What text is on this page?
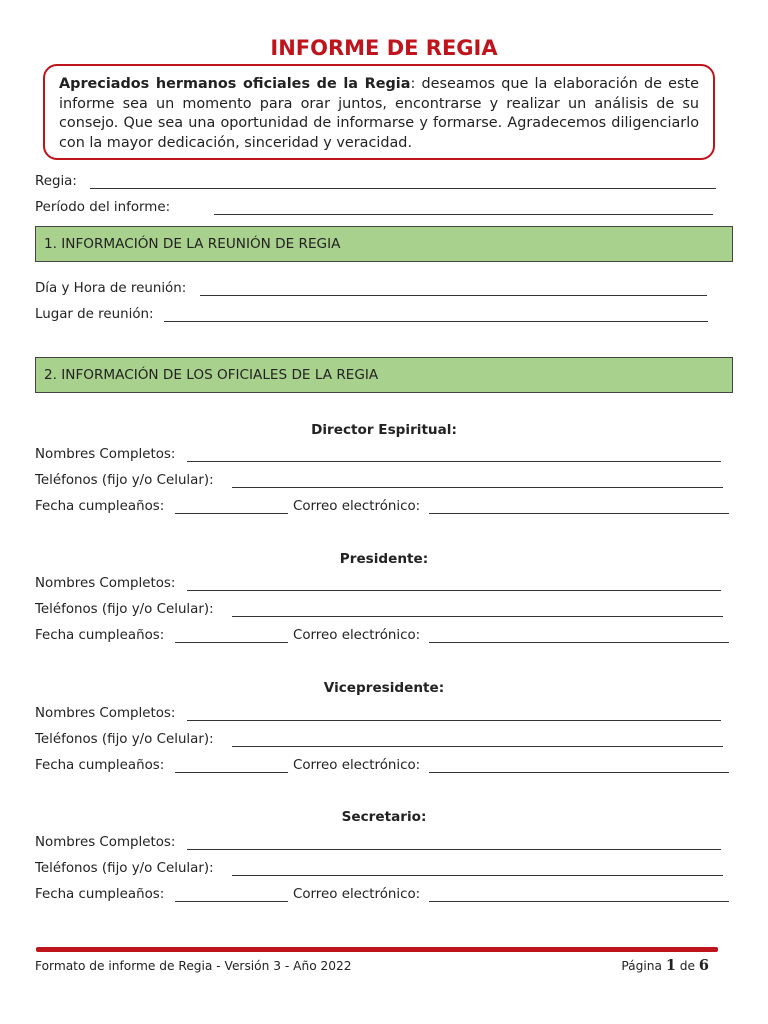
INFORME DE REGIA
Apreciados hermanos oficiales de la Regia: deseamos que la elaboración de este informe sea un momento para orar juntos, encontrarse y realizar un análisis de su consejo. Que sea una oportunidad de informarse y formarse. Agradecemos diligenciarlo con la mayor dedicación, sinceridad y veracidad.
Regia:
Período del informe:
1. INFORMACIÓN DE LA REUNIÓN DE REGIA
Día y Hora de reunión:
Lugar de reunión:
2. INFORMACIÓN DE LOS OFICIALES DE LA REGIA
Director Espiritual:
Nombres Completos:
Teléfonos (fijo y/o Celular):
Fecha cumpleaños:	Correo electrónico:
Presidente:
Nombres Completos:
Teléfonos (fijo y/o Celular):
Fecha cumpleaños:	Correo electrónico:
Vicepresidente:
Nombres Completos:
Teléfonos (fijo y/o Celular):
Fecha cumpleaños:	Correo electrónico:
Secretario:
Nombres Completos:
Teléfonos (fijo y/o Celular):
Fecha cumpleaños:	Correo electrónico:
Formato de informe de Regia - Versión 3 - Año 2022	Página 1 de 6
